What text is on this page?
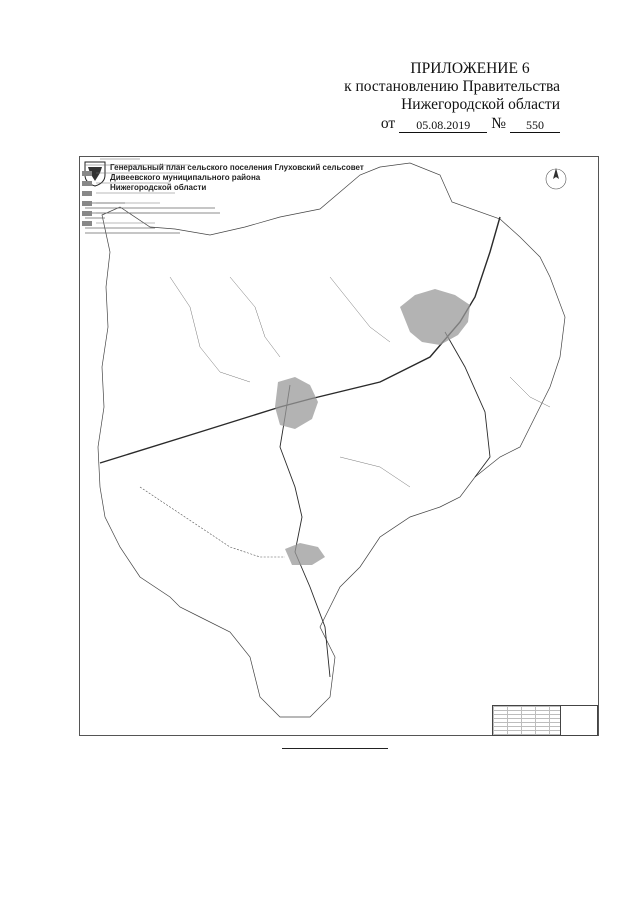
ПРИЛОЖЕНИЕ 6
к постановлению Правительства
Нижегородской области
от	05.08.2019	№	550
Генеральный план сельского поселения Глуховский сельсовет
Дивеевского муниципального района
Нижегородской области
